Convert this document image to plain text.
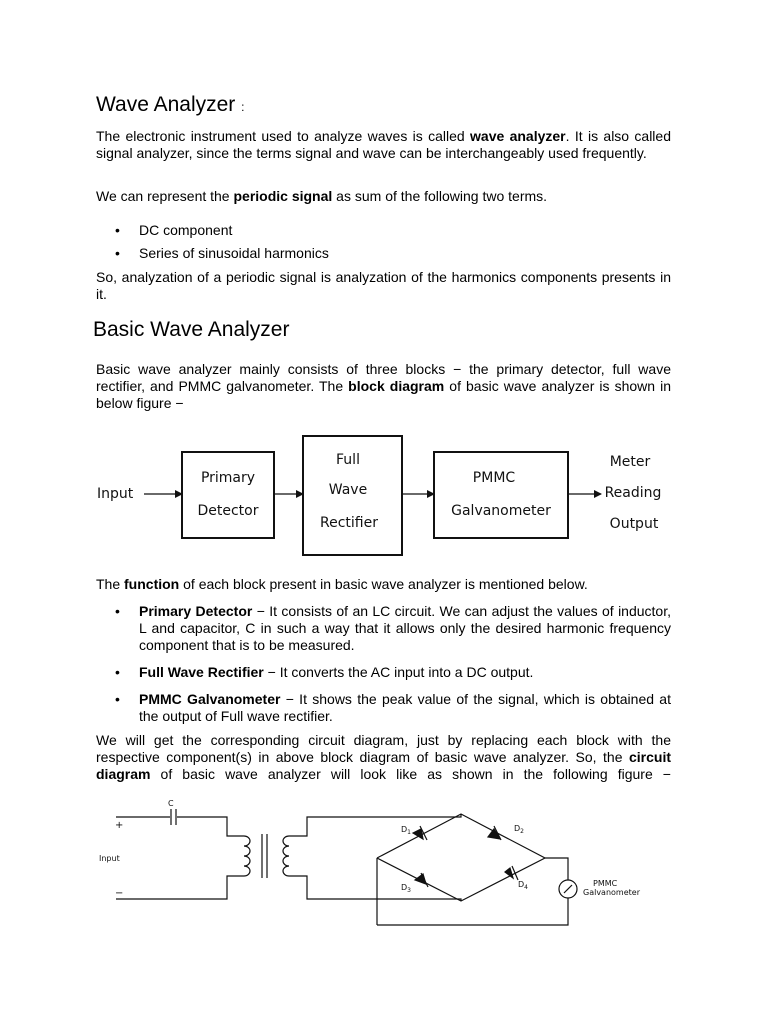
Wave Analyzer :

The electronic instrument used to analyze waves is called wave analyzer. It is also called signal analyzer, since the terms signal and wave can be interchangeably used frequently.

We can represent the periodic signal as sum of the following two terms.

• DC component
• Series of sinusoidal harmonics

So, analyzation of a periodic signal is analyzation of the harmonics components presents in it.

Basic Wave Analyzer

Basic wave analyzer mainly consists of three blocks − the primary detector, full wave rectifier, and PMMC galvanometer. The block diagram of basic wave analyzer is shown in below figure −

Input
Primary
Detector
Full
Wave
Rectifier
PMMC
Galvanometer
Meter
Reading
Output

The function of each block present in basic wave analyzer is mentioned below.

• Primary Detector − It consists of an LC circuit. We can adjust the values of inductor, L and capacitor, C in such a way that it allows only the desired harmonic frequency component that is to be measured.
• Full Wave Rectifier − It converts the AC input into a DC output.
• PMMC Galvanometer − It shows the peak value of the signal, which is obtained at the output of Full wave rectifier.

We will get the corresponding circuit diagram, just by replacing each block with the respective component(s) in above block diagram of basic wave analyzer. So, the circuit diagram of basic wave analyzer will look like as shown in the following figure −

C
+
Input
−
$D_1$	$D_2$
$D_3$
$D_4$	PMMC
Galvanometer
